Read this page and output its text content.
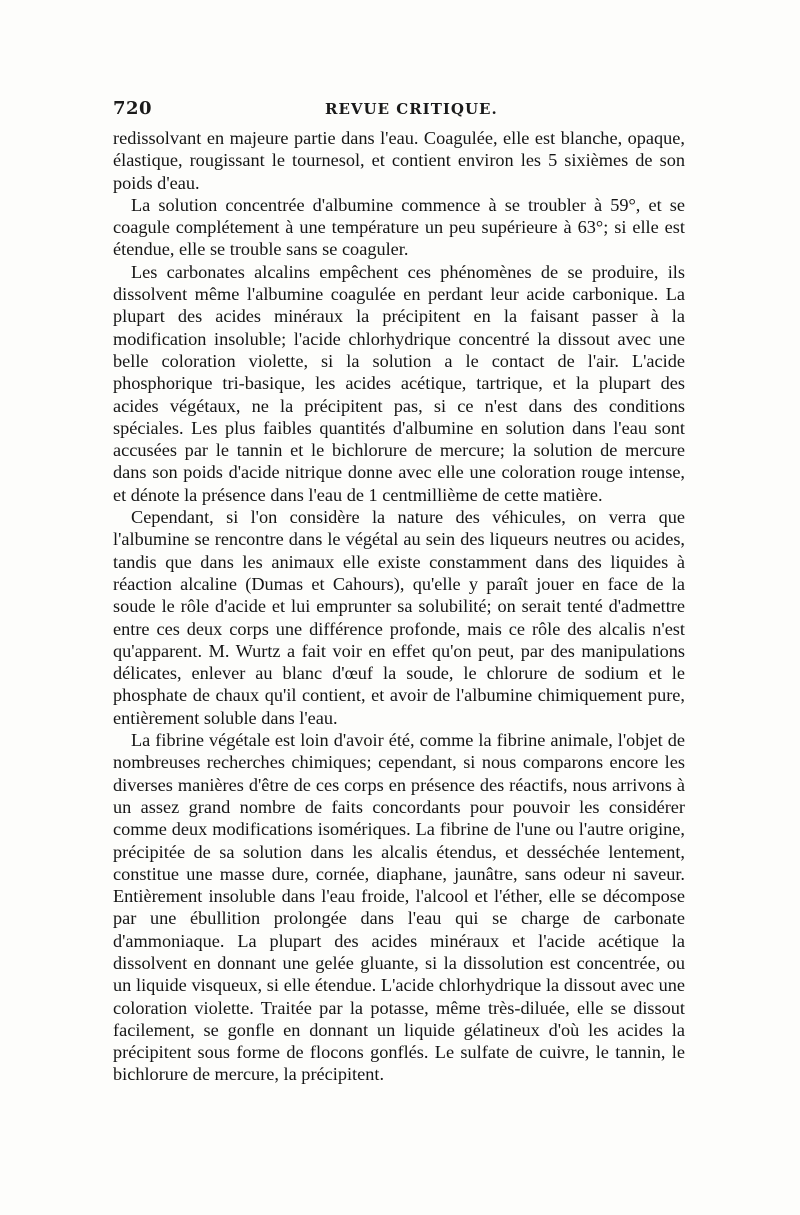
720	REVUE CRITIQUE.

redissolvant en majeure partie dans l'eau. Coagulée, elle est blanche, opaque, élastique, rougissant le tournesol, et contient environ les 5 sixièmes de son poids d'eau.

La solution concentrée d'albumine commence à se troubler à 59°, et se coagule complétement à une température un peu supérieure à 63°; si elle est étendue, elle se trouble sans se coaguler.

Les carbonates alcalins empêchent ces phénomènes de se produire, ils dissolvent même l'albumine coagulée en perdant leur acide carbonique. La plupart des acides minéraux la précipitent en la faisant passer à la modification insoluble; l'acide chlorhydrique concentré la dissout avec une belle coloration violette, si la solution a le contact de l'air. L'acide phosphorique tri-basique, les acides acétique, tartrique, et la plupart des acides végétaux, ne la précipitent pas, si ce n'est dans des conditions spéciales. Les plus faibles quantités d'albumine en solution dans l'eau sont accusées par le tannin et le bichlorure de mercure; la solution de mercure dans son poids d'acide nitrique donne avec elle une coloration rouge intense, et dénote la présence dans l'eau de 1 centmillième de cette matière.

Cependant, si l'on considère la nature des véhicules, on verra que l'albumine se rencontre dans le végétal au sein des liqueurs neutres ou acides, tandis que dans les animaux elle existe constamment dans des liquides à réaction alcaline (Dumas et Cahours), qu'elle y paraît jouer en face de la soude le rôle d'acide et lui emprunter sa solubilité; on serait tenté d'admettre entre ces deux corps une différence profonde, mais ce rôle des alcalis n'est qu'apparent. M. Wurtz a fait voir en effet qu'on peut, par des manipulations délicates, enlever au blanc d'œuf la soude, le chlorure de sodium et le phosphate de chaux qu'il contient, et avoir de l'albumine chimiquement pure, entièrement soluble dans l'eau.

La fibrine végétale est loin d'avoir été, comme la fibrine animale, l'objet de nombreuses recherches chimiques; cependant, si nous comparons encore les diverses manières d'être de ces corps en présence des réactifs, nous arrivons à un assez grand nombre de faits concordants pour pouvoir les considérer comme deux modifications isomériques. La fibrine de l'une ou l'autre origine, précipitée de sa solution dans les alcalis étendus, et desséchée lentement, constitue une masse dure, cornée, diaphane, jaunâtre, sans odeur ni saveur. Entièrement insoluble dans l'eau froide, l'alcool et l'éther, elle se décompose par une ébullition prolongée dans l'eau qui se charge de carbonate d'ammoniaque. La plupart des acides minéraux et l'acide acétique la dissolvent en donnant une gelée gluante, si la dissolution est concentrée, ou un liquide visqueux, si elle étendue. L'acide chlorhydrique la dissout avec une coloration violette. Traitée par la potasse, même très-diluée, elle se dissout facilement, se gonfle en donnant un liquide gélatineux d'où les acides la précipitent sous forme de flocons gonflés. Le sulfate de cuivre, le tannin, le bichlorure de mercure, la précipitent.
